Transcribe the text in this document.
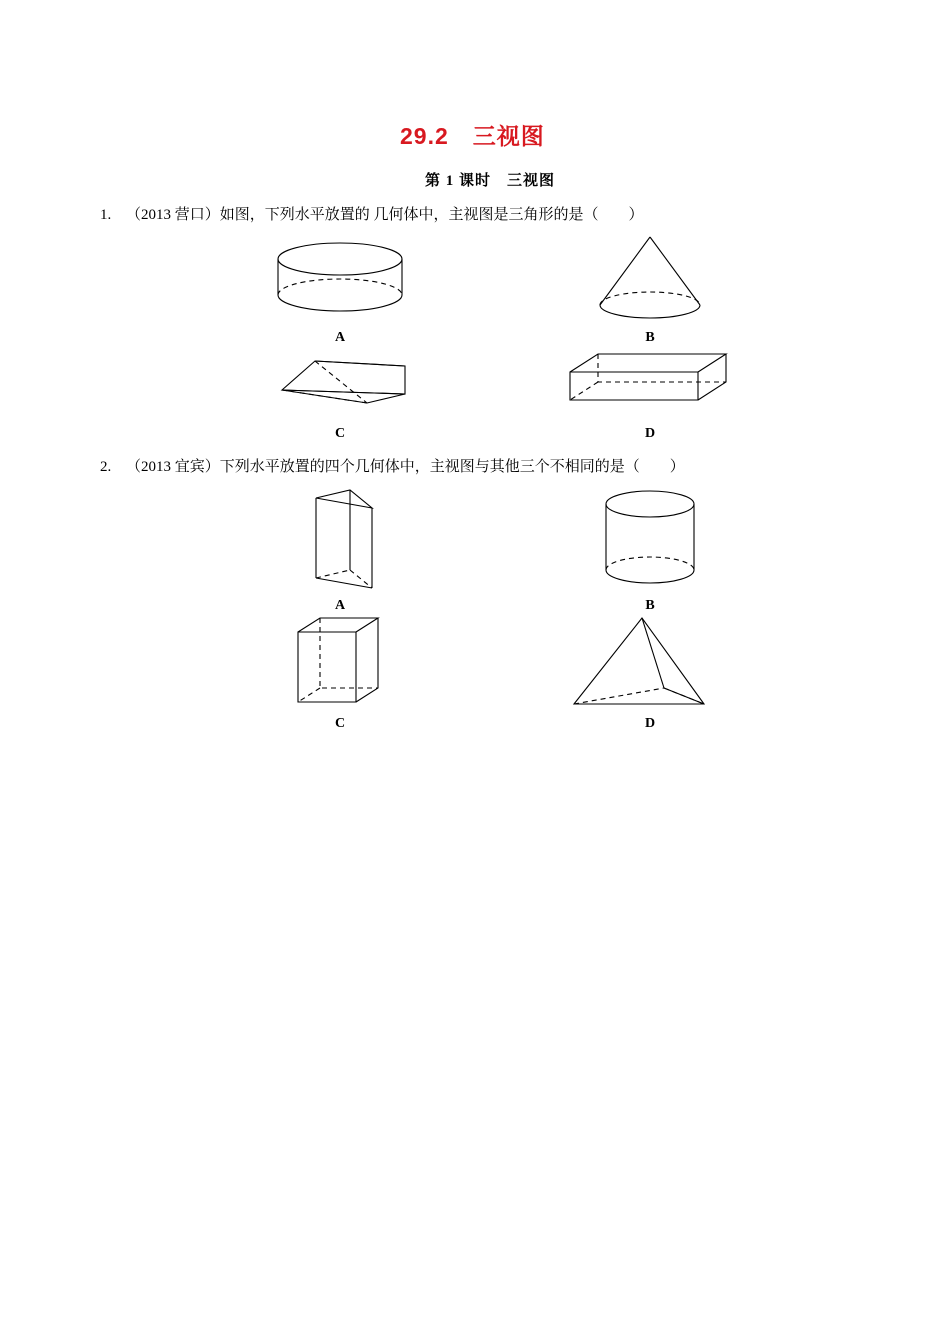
29.2　三视图
第 1 课时　三视图
1. （2013 营口）如图，下列水平放置的 几何体中，主视图是三角形的是（　　）
A	B
C	D
2. （2013 宜宾）下列水平放置的四个几何体中，主视图与其他三个不相同的是（　　）
A	B
C	D
